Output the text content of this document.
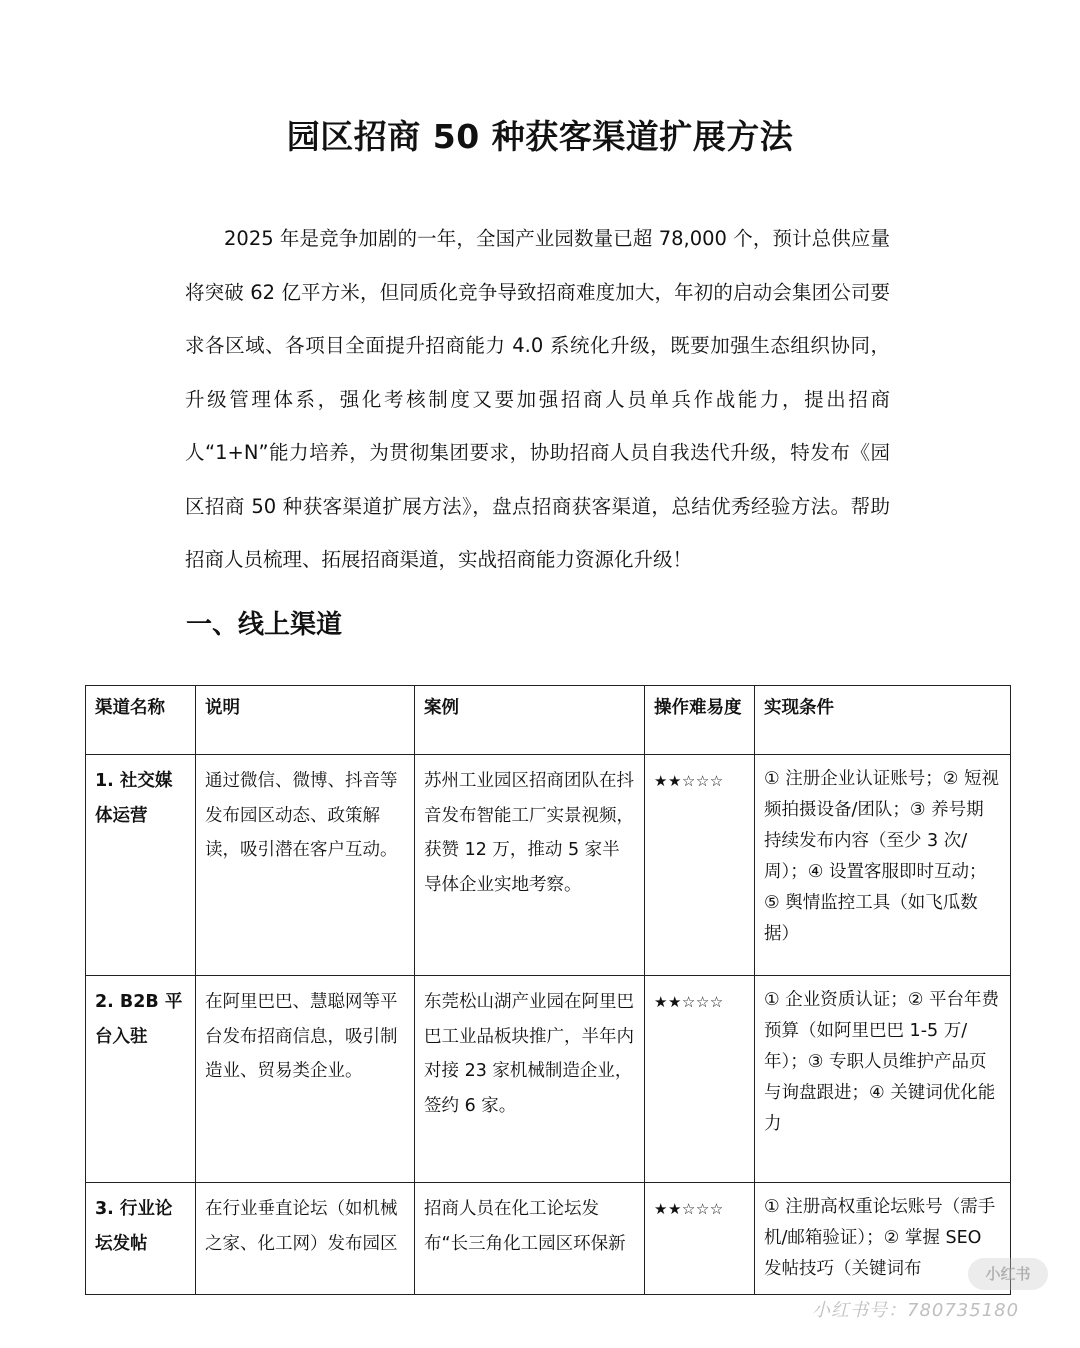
园区招商 50 种获客渠道扩展方法

2025 年是竞争加剧的一年，全国产业园数量已超 78,000 个，预计总供应量将突破 62 亿平方米，但同质化竞争导致招商难度加大，年初的启动会集团公司要求各区域、各项目全面提升招商能力 4.0 系统化升级，既要加强生态组织协同，升级管理体系，强化考核制度又要加强招商人员单兵作战能力，提出招商人“1+N”能力培养，为贯彻集团要求，协助招商人员自我迭代升级，特发布《园区招商 50 种获客渠道扩展方法》，盘点招商获客渠道，总结优秀经验方法。帮助招商人员梳理、拓展招商渠道，实战招商能力资源化升级！

一、线上渠道
渠道名称	说明	案例	操作难易度	实现条件
1. 社交媒体运营	通过微信、微博、抖音等发布园区动态、政策解读，吸引潜在客户互动。	苏州工业园区招商团队在抖音发布智能工厂实景视频，获赞 12 万，推动 5 家半导体企业实地考察。	★★☆☆☆	① 注册企业认证账号；② 短视频拍摄设备/团队；③ 养号期持续发布内容（至少 3 次/周）；④ 设置客服即时互动；⑤ 舆情监控工具（如飞瓜数据）
2. B2B 平台入驻	在阿里巴巴、慧聪网等平台发布招商信息，吸引制造业、贸易类企业。	东莞松山湖产业园在阿里巴巴工业品板块推广，半年内对接 23 家机械制造企业，签约 6 家。	★★☆☆☆	① 企业资质认证；② 平台年费预算（如阿里巴巴 1-5 万/年）；③ 专职人员维护产品页与询盘跟进；④ 关键词优化能力
3. 行业论坛发帖	在行业垂直论坛（如机械之家、化工网）发布园区	招商人员在化工论坛发布“长三角化工园区环保新	★★☆☆☆	① 注册高权重论坛账号（需手机/邮箱验证）；② 掌握 SEO 发帖技巧（关键词布	小红书
小红书号：780735180
